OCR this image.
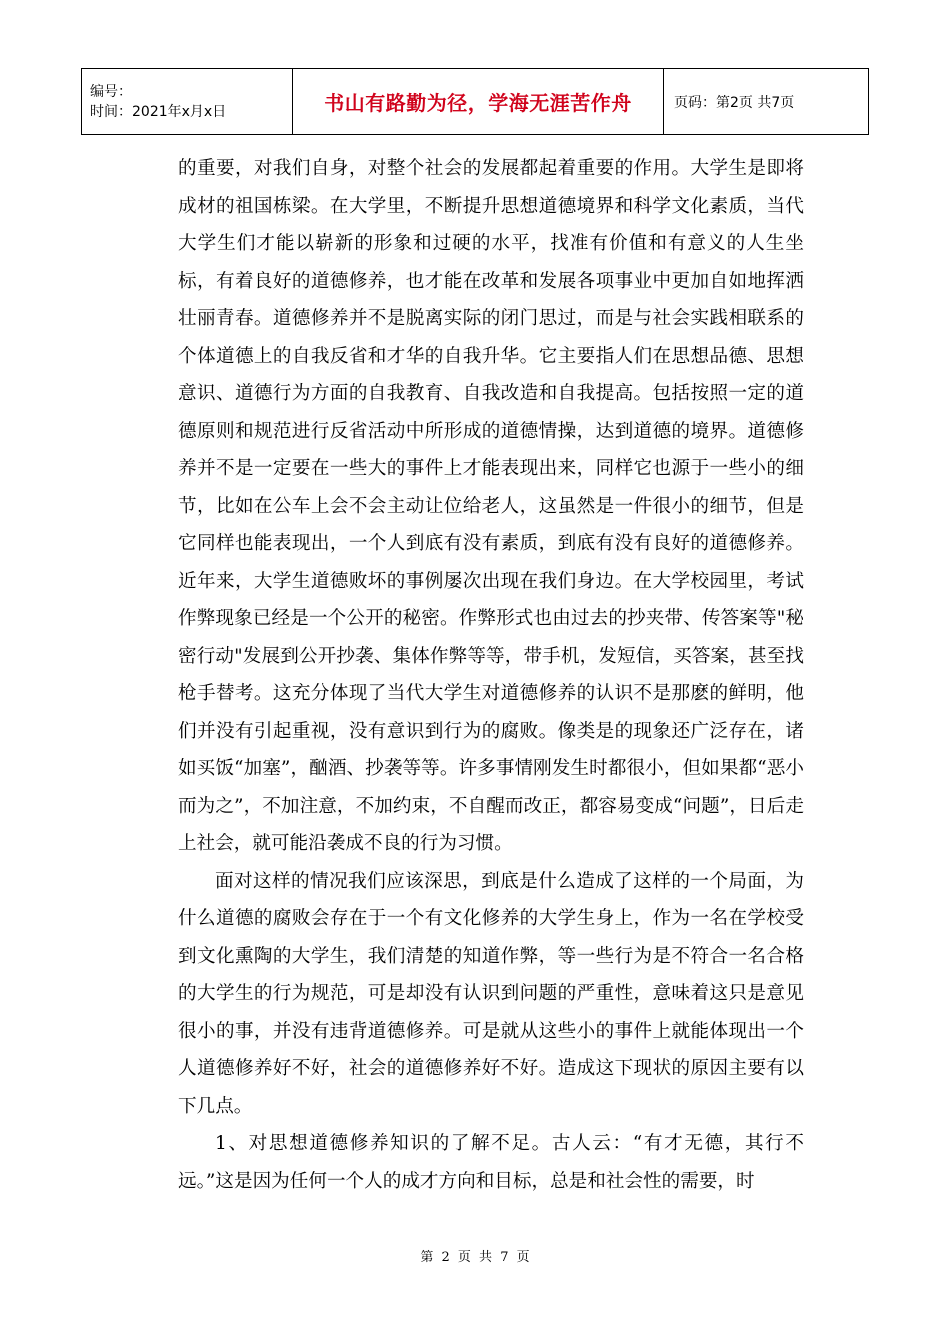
编号：
时间：2021年x月x日	书山有路勤为径，学海无涯苦作舟	页码：第2页 共7页

的重要，对我们自身，对整个社会的发展都起着重要的作用。大学生是即将成材的祖国栋梁。在大学里，不断提升思想道德境界和科学文化素质，当代大学生们才能以崭新的形象和过硬的水平，找准有价值和有意义的人生坐标，有着良好的道德修养，也才能在改革和发展各项事业中更加自如地挥洒壮丽青春。道德修养并不是脱离实际的闭门思过，而是与社会实践相联系的个体道德上的自我反省和才华的自我升华。它主要指人们在思想品德、思想意识、道德行为方面的自我教育、自我改造和自我提高。包括按照一定的道德原则和规范进行反省活动中所形成的道德情操，达到道德的境界。道德修养并不是一定要在一些大的事件上才能表现出来，同样它也源于一些小的细节，比如在公车上会不会主动让位给老人，这虽然是一件很小的细节，但是它同样也能表现出，一个人到底有没有素质，到底有没有良好的道德修养。近年来，大学生道德败坏的事例屡次出现在我们身边。在大学校园里，考试作弊现象已经是一个公开的秘密。作弊形式也由过去的抄夹带、传答案等"秘密行动"发展到公开抄袭、集体作弊等等，带手机，发短信，买答案，甚至找枪手替考。这充分体现了当代大学生对道德修养的认识不是那麽的鲜明，他们并没有引起重视，没有意识到行为的腐败。像类是的现象还广泛存在，诸如买饭“加塞”，酗酒、抄袭等等。许多事情刚发生时都很小，但如果都“恶小而为之”，不加注意，不加约束，不自醒而改正，都容易变成“问题”，日后走上社会，就可能沿袭成不良的行为习惯。

面对这样的情况我们应该深思，到底是什么造成了这样的一个局面，为什么道德的腐败会存在于一个有文化修养的大学生身上，作为一名在学校受到文化熏陶的大学生，我们清楚的知道作弊，等一些行为是不符合一名合格的大学生的行为规范，可是却没有认识到问题的严重性，意味着这只是意见很小的事，并没有违背道德修养。可是就从这些小的事件上就能体现出一个人道德修养好不好，社会的道德修养好不好。造成这下现状的原因主要有以下几点。

1、对思想道德修养知识的了解不足。古人云：“有才无德，其行不远。”这是因为任何一个人的成才方向和目标，总是和社会性的需要，时

第 2 页 共 7 页
